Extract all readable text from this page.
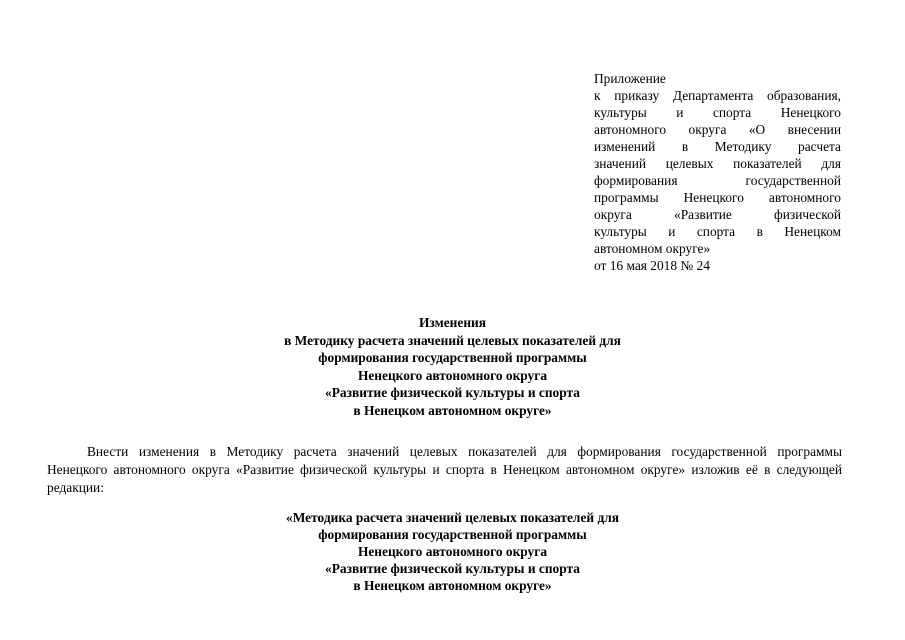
Приложение
к приказу Департамента образования,
культуры и спорта Ненецкого
автономного округа «О внесении
изменений в Методику расчета
значений целевых показателей для
формирования государственной
программы Ненецкого автономного
округа «Развитие физической
культуры и спорта в Ненецком
автономном округе»
от 16 мая 2018 № 24
Изменения
в Методику расчета значений целевых показателей для
формирования государственной программы
Ненецкого автономного округа
«Развитие физической культуры и спорта
в Ненецком автономном округе»
Внести изменения в Методику расчета значений целевых показателей для формирования государственной программы
Ненецкого автономного округа «Развитие физической культуры и спорта в Ненецком автономном округе» изложив её в следующей
редакции:
«Методика расчета значений целевых показателей для
формирования государственной программы
Ненецкого автономного округа
«Развитие физической культуры и спорта
в Ненецком автономном округе»
